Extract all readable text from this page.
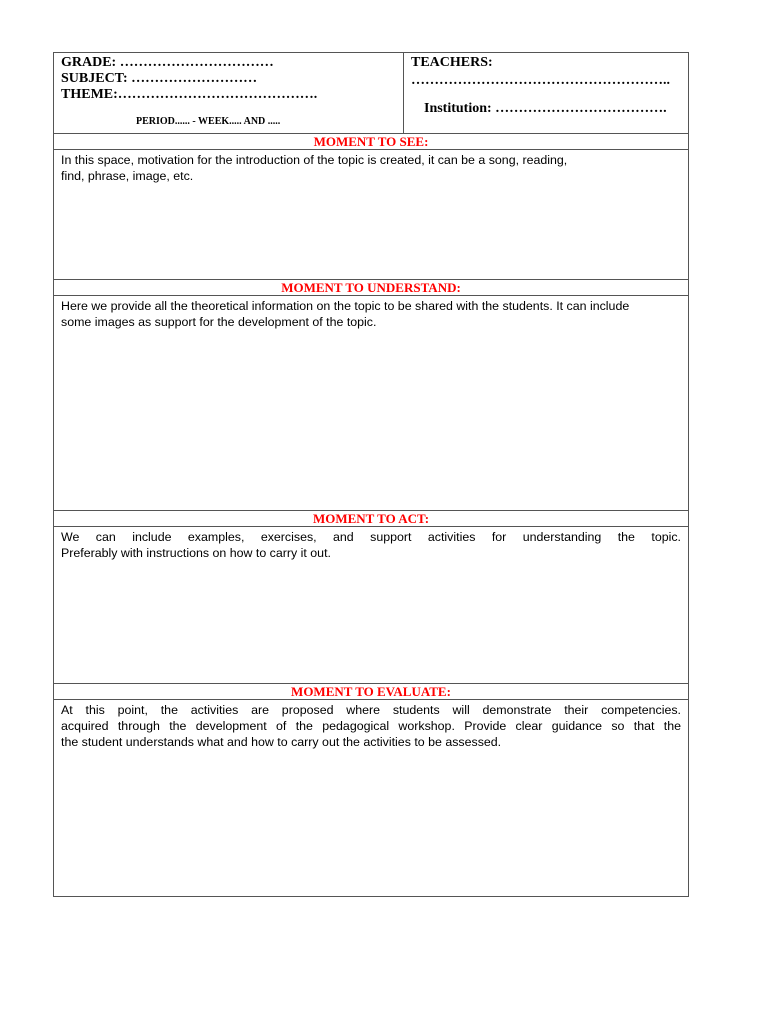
GRADE: ……………………………
SUBJECT: ………………………
THEME:…………………………………….
PERIOD...... - WEEK..... AND .....
TEACHERS:
………………………………………………..
Institution: ……………………………….
MOMENT TO SEE:
In this space, motivation for the introduction of the topic is created, it can be a song, reading,
find, phrase, image, etc.
MOMENT TO UNDERSTAND:
Here we provide all the theoretical information on the topic to be shared with the students. It can include
some images as support for the development of the topic.
MOMENT TO ACT:
We can include examples, exercises, and support activities for understanding the topic.
Preferably with instructions on how to carry it out.
MOMENT TO EVALUATE:
At this point, the activities are proposed where students will demonstrate their competencies.
acquired through the development of the pedagogical workshop. Provide clear guidance so that the
the student understands what and how to carry out the activities to be assessed.
